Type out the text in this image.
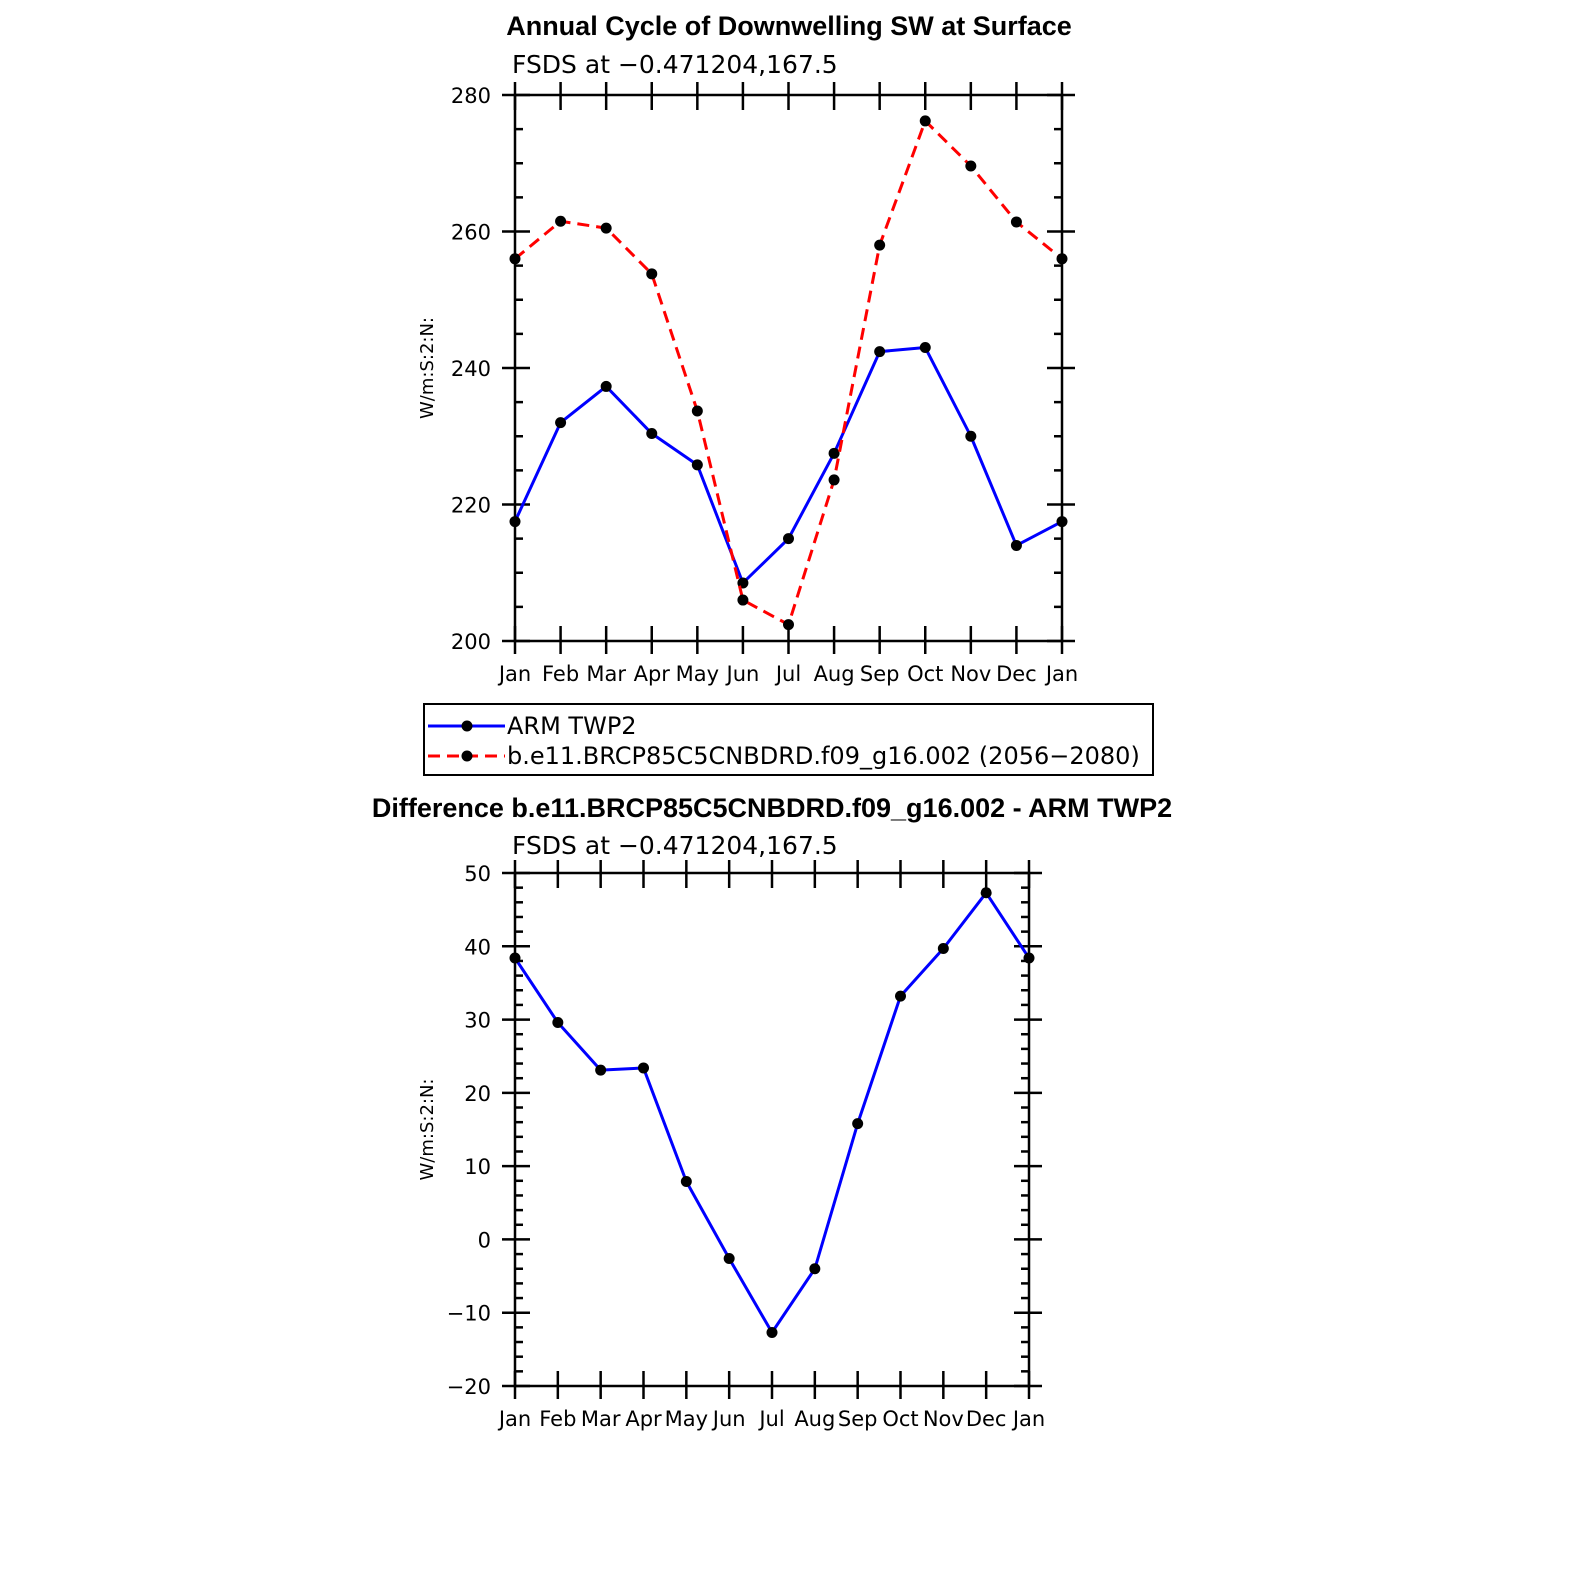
Annual Cycle of Downwelling SW at Surface
FSDS at −0.471204,167.5
200
220
240
260
280
Jan Feb Mar Apr May Jun Jul Aug Sep Oct Nov Dec Jan
W/m:S:2:N:
ARM TWP2
b.e11.BRCP85C5CNBDRD.f09_g16.002 (2056−2080)
Difference b.e11.BRCP85C5CNBDRD.f09_g16.002 - ARM TWP2
FSDS at −0.471204,167.5
−20
−10
0
10
20
30
40
50
Jan Feb Mar Apr May Jun Jul Aug Sep Oct Nov Dec Jan
W/m:S:2:N:
